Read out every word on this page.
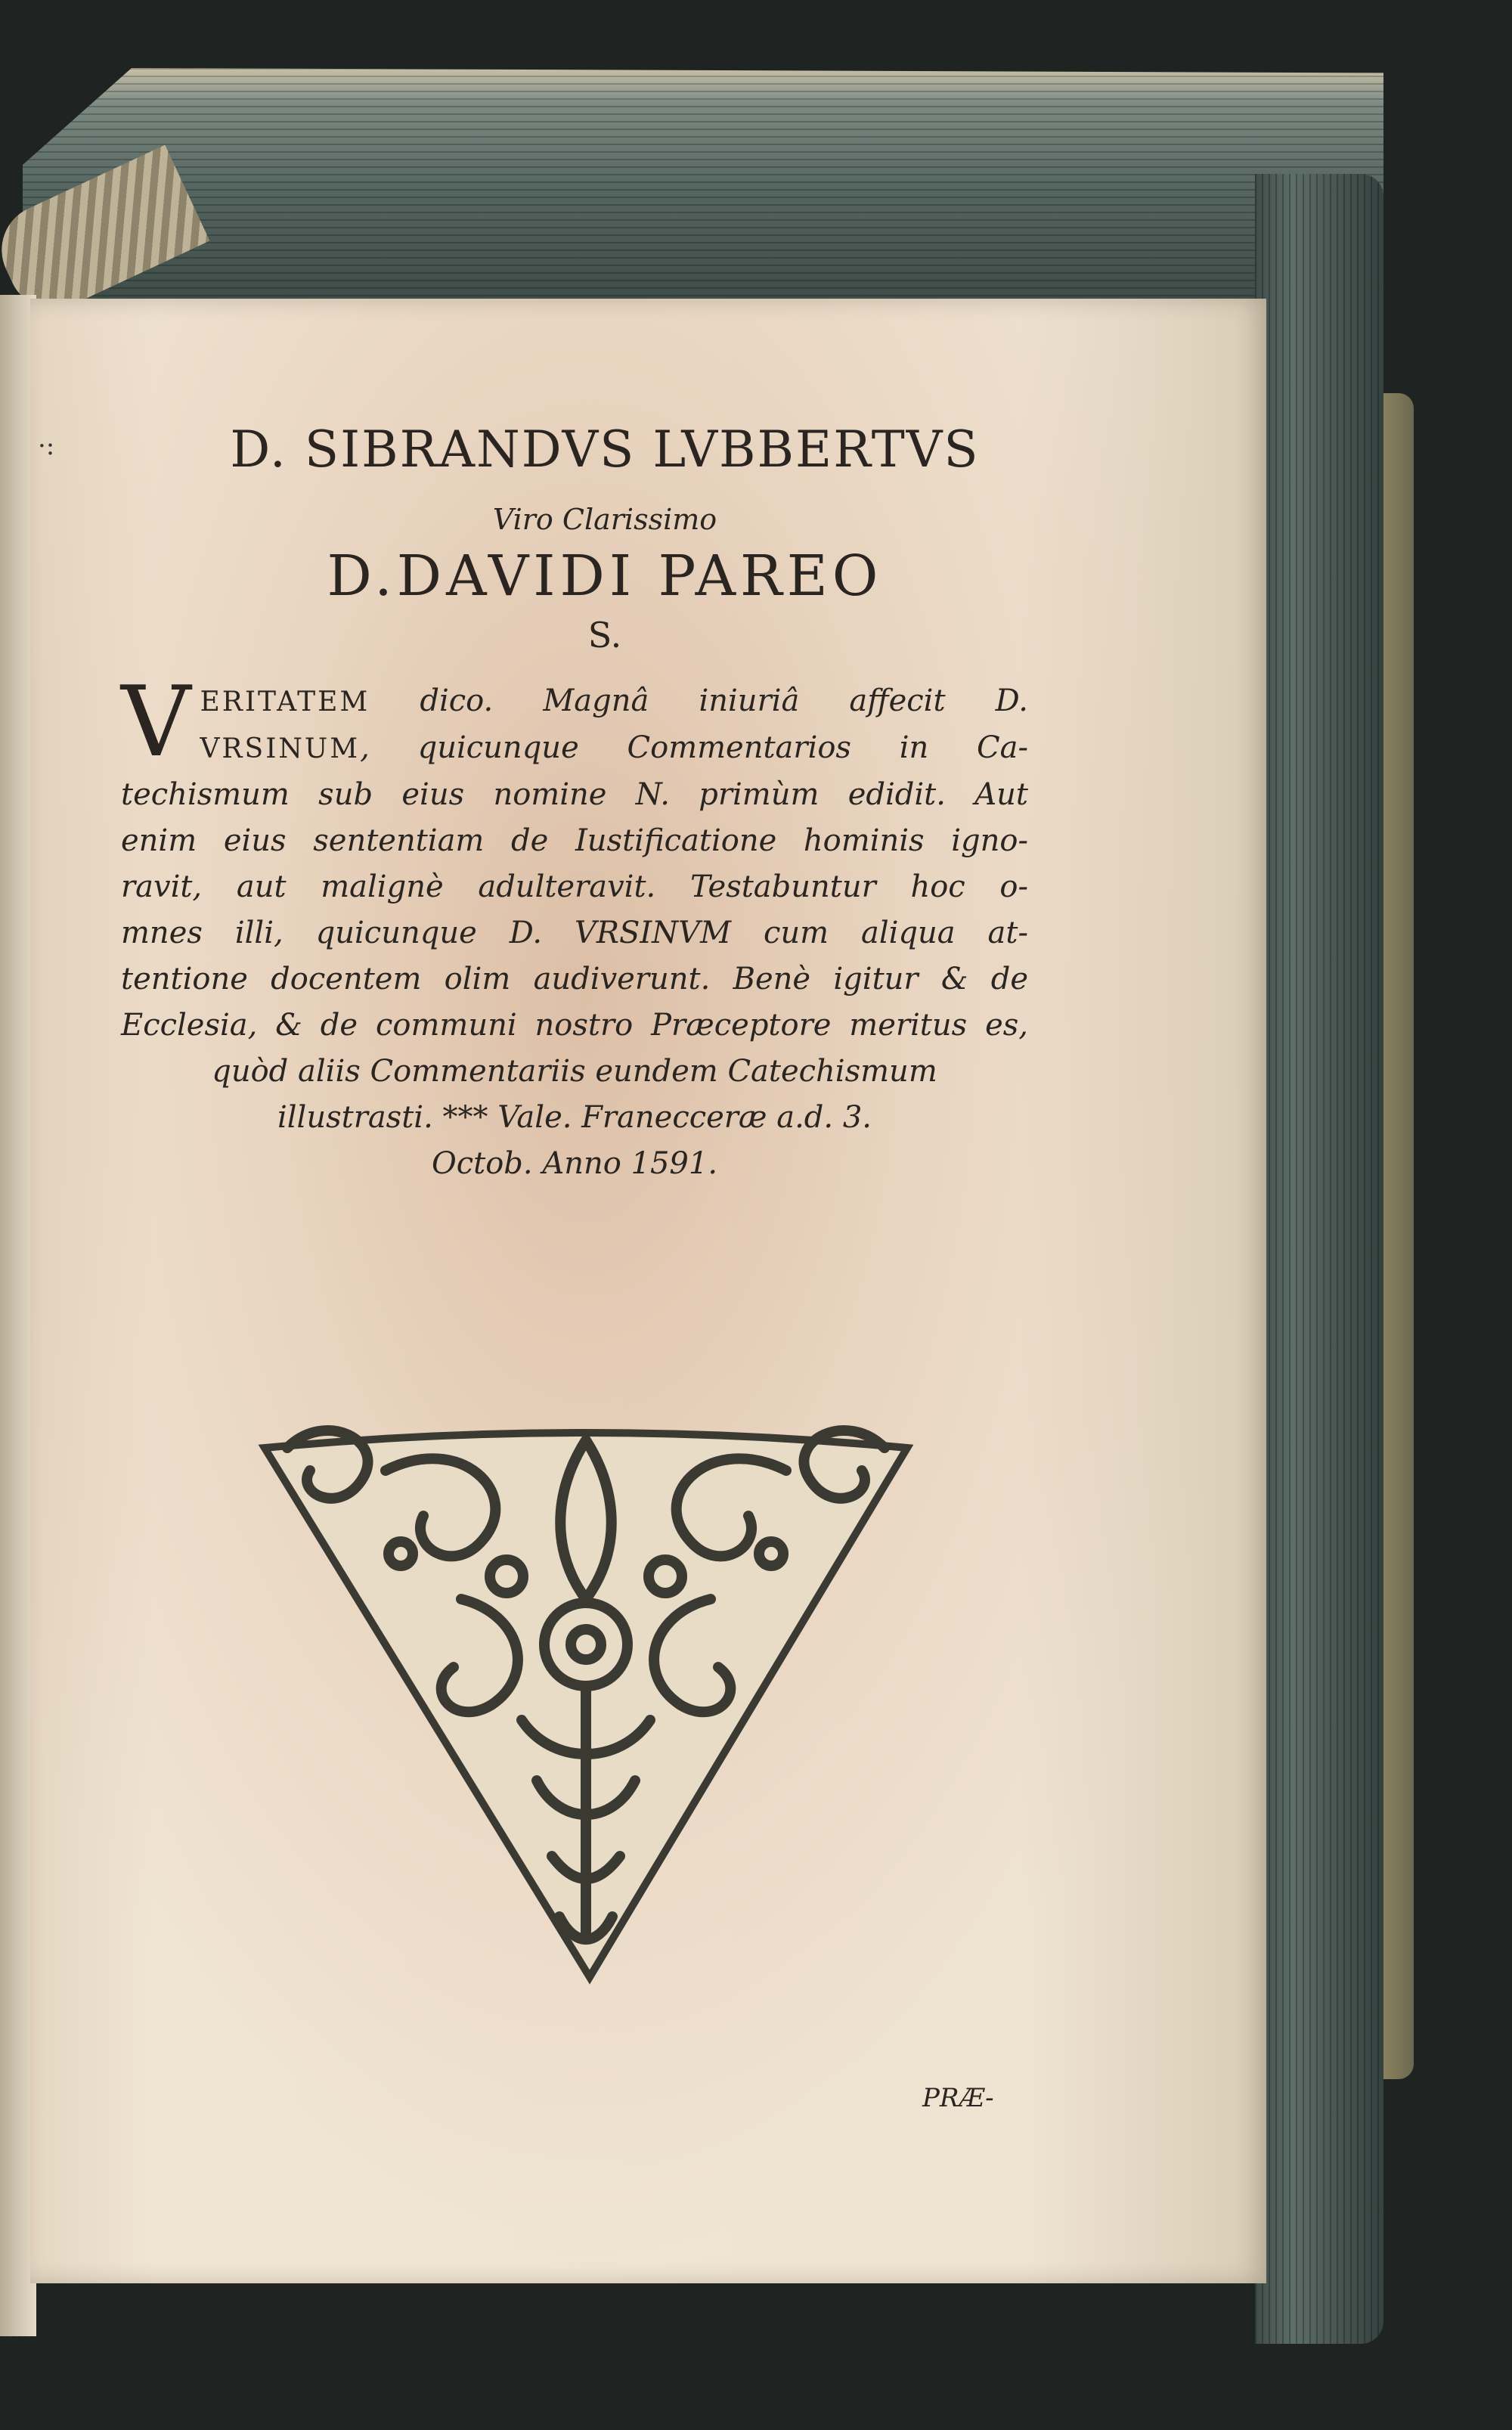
·:	D. SIBRANDVS LVBBERTVS
Viro Clarissimo
D.DAVIDI PAREO
S.
V ERITATEM dico. Magnâ iniuriâ affecit D.
VRSINUM, quicunque Commentarios in Ca-
techismum sub eius nomine N. primùm edidit. Aut
enim eius sententiam de Iustificatione hominis igno-
ravit, aut malignè adulteravit. Testabuntur hoc o-
mnes illi, quicunque D. VRSINVM cum aliqua at-
tentione docentem olim audiverunt. Benè igitur & de
Ecclesia, & de communi nostro Præceptore meritus es,
quòd aliis Commentariis eundem Catechismum
illustrasti. *** Vale. Franecceræ a.d. 3.
Octob. Anno 1591.
PRÆ-
